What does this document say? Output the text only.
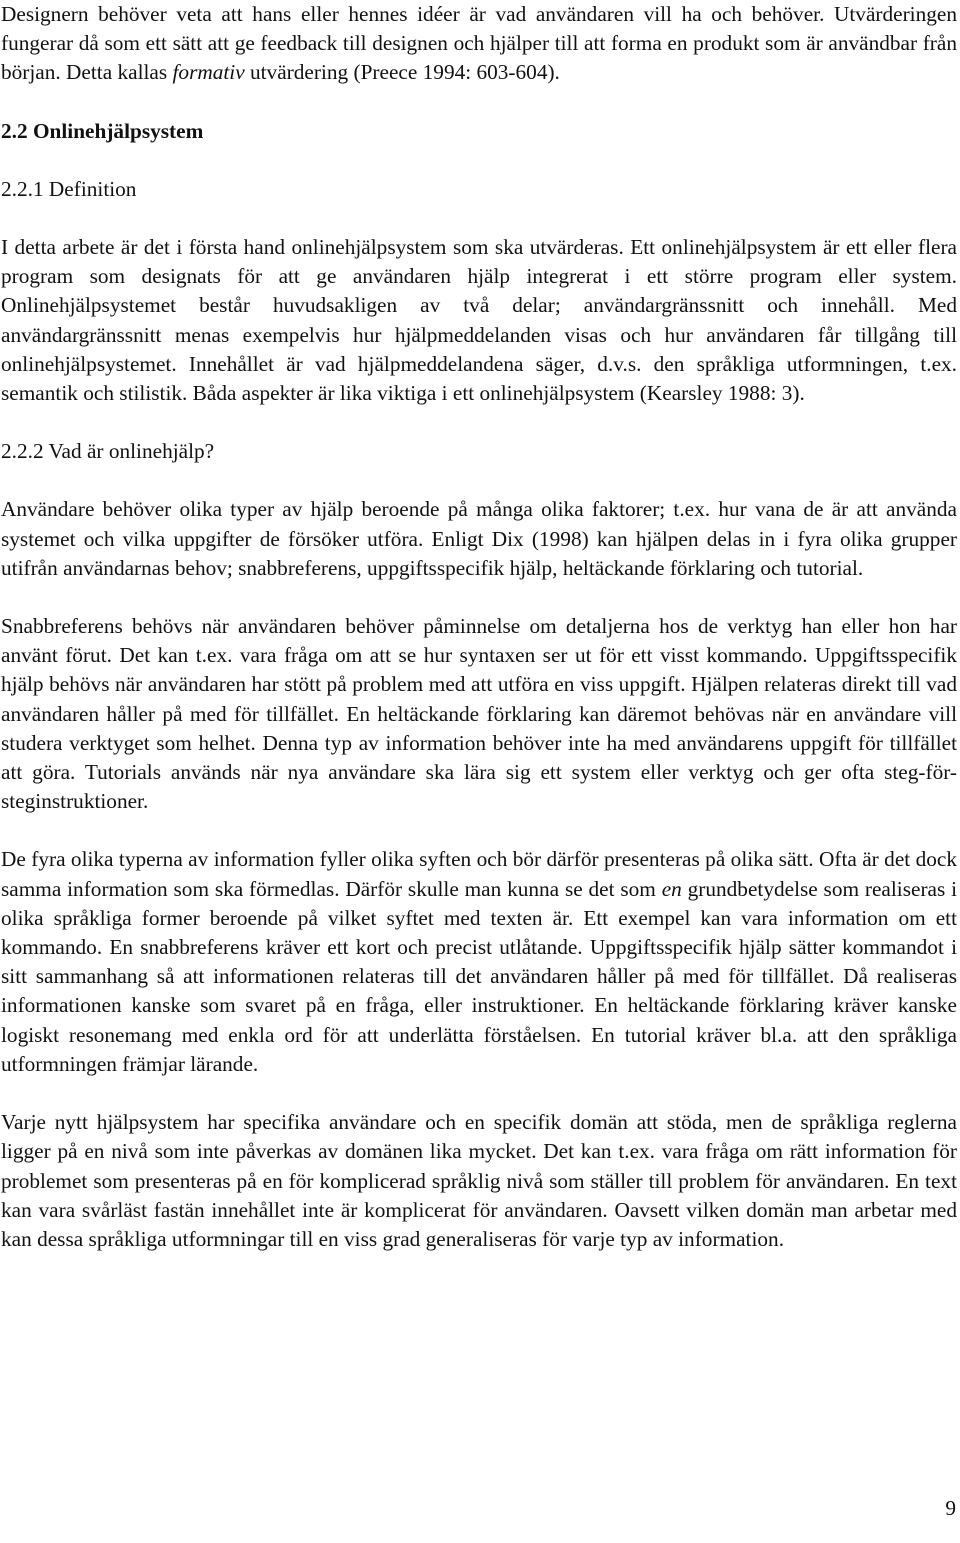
Designern behöver veta att hans eller hennes idéer är vad användaren vill ha och behöver. Utvärderingen fungerar då som ett sätt att ge feedback till designen och hjälper till att forma en produkt som är användbar från början. Detta kallas formativ utvärdering (Preece 1994: 603-604).

2.2 Onlinehjälpsystem
2.2.1 Definition

I detta arbete är det i första hand onlinehjälpsystem som ska utvärderas. Ett onlinehjälpsystem är ett eller flera program som designats för att ge användaren hjälp integrerat i ett större program eller system. Onlinehjälpsystemet består huvudsakligen av två delar; användargränssnitt och innehåll. Med användargränssnitt menas exempelvis hur hjälpmeddelanden visas och hur användaren får tillgång till onlinehjälpsystemet. Innehållet är vad hjälpmeddelandena säger, d.v.s. den språkliga utformningen, t.ex. semantik och stilistik. Båda aspekter är lika viktiga i ett onlinehjälpsystem (Kearsley 1988: 3).

2.2.2 Vad är onlinehjälp?

Användare behöver olika typer av hjälp beroende på många olika faktorer; t.ex. hur vana de är att använda systemet och vilka uppgifter de försöker utföra. Enligt Dix (1998) kan hjälpen delas in i fyra olika grupper utifrån användarnas behov; snabbreferens, uppgiftsspecifik hjälp, heltäckande förklaring och tutorial.

Snabbreferens behövs när användaren behöver påminnelse om detaljerna hos de verktyg han eller hon har använt förut. Det kan t.ex. vara fråga om att se hur syntaxen ser ut för ett visst kommando. Uppgiftsspecifik hjälp behövs när användaren har stött på problem med att utföra en viss uppgift. Hjälpen relateras direkt till vad användaren håller på med för tillfället. En heltäckande förklaring kan däremot behövas när en användare vill studera verktyget som helhet. Denna typ av information behöver inte ha med användarens uppgift för tillfället att göra. Tutorials används när nya användare ska lära sig ett system eller verktyg och ger ofta steg-för-steginstruktioner.

De fyra olika typerna av information fyller olika syften och bör därför presenteras på olika sätt. Ofta är det dock samma information som ska förmedlas. Därför skulle man kunna se det som en grundbetydelse som realiseras i olika språkliga former beroende på vilket syftet med texten är. Ett exempel kan vara information om ett kommando. En snabbreferens kräver ett kort och precist utlåtande. Uppgiftsspecifik hjälp sätter kommandot i sitt sammanhang så att informationen relateras till det användaren håller på med för tillfället. Då realiseras informationen kanske som svaret på en fråga, eller instruktioner. En heltäckande förklaring kräver kanske logiskt resonemang med enkla ord för att underlätta förståelsen. En tutorial kräver bl.a. att den språkliga utformningen främjar lärande.

Varje nytt hjälpsystem har specifika användare och en specifik domän att stöda, men de språkliga reglerna ligger på en nivå som inte påverkas av domänen lika mycket. Det kan t.ex. vara fråga om rätt information för problemet som presenteras på en för komplicerad språklig nivå som ställer till problem för användaren. En text kan vara svårläst fastän innehållet inte är komplicerat för användaren. Oavsett vilken domän man arbetar med kan dessa språkliga utformningar till en viss grad generaliseras för varje typ av information.

9
